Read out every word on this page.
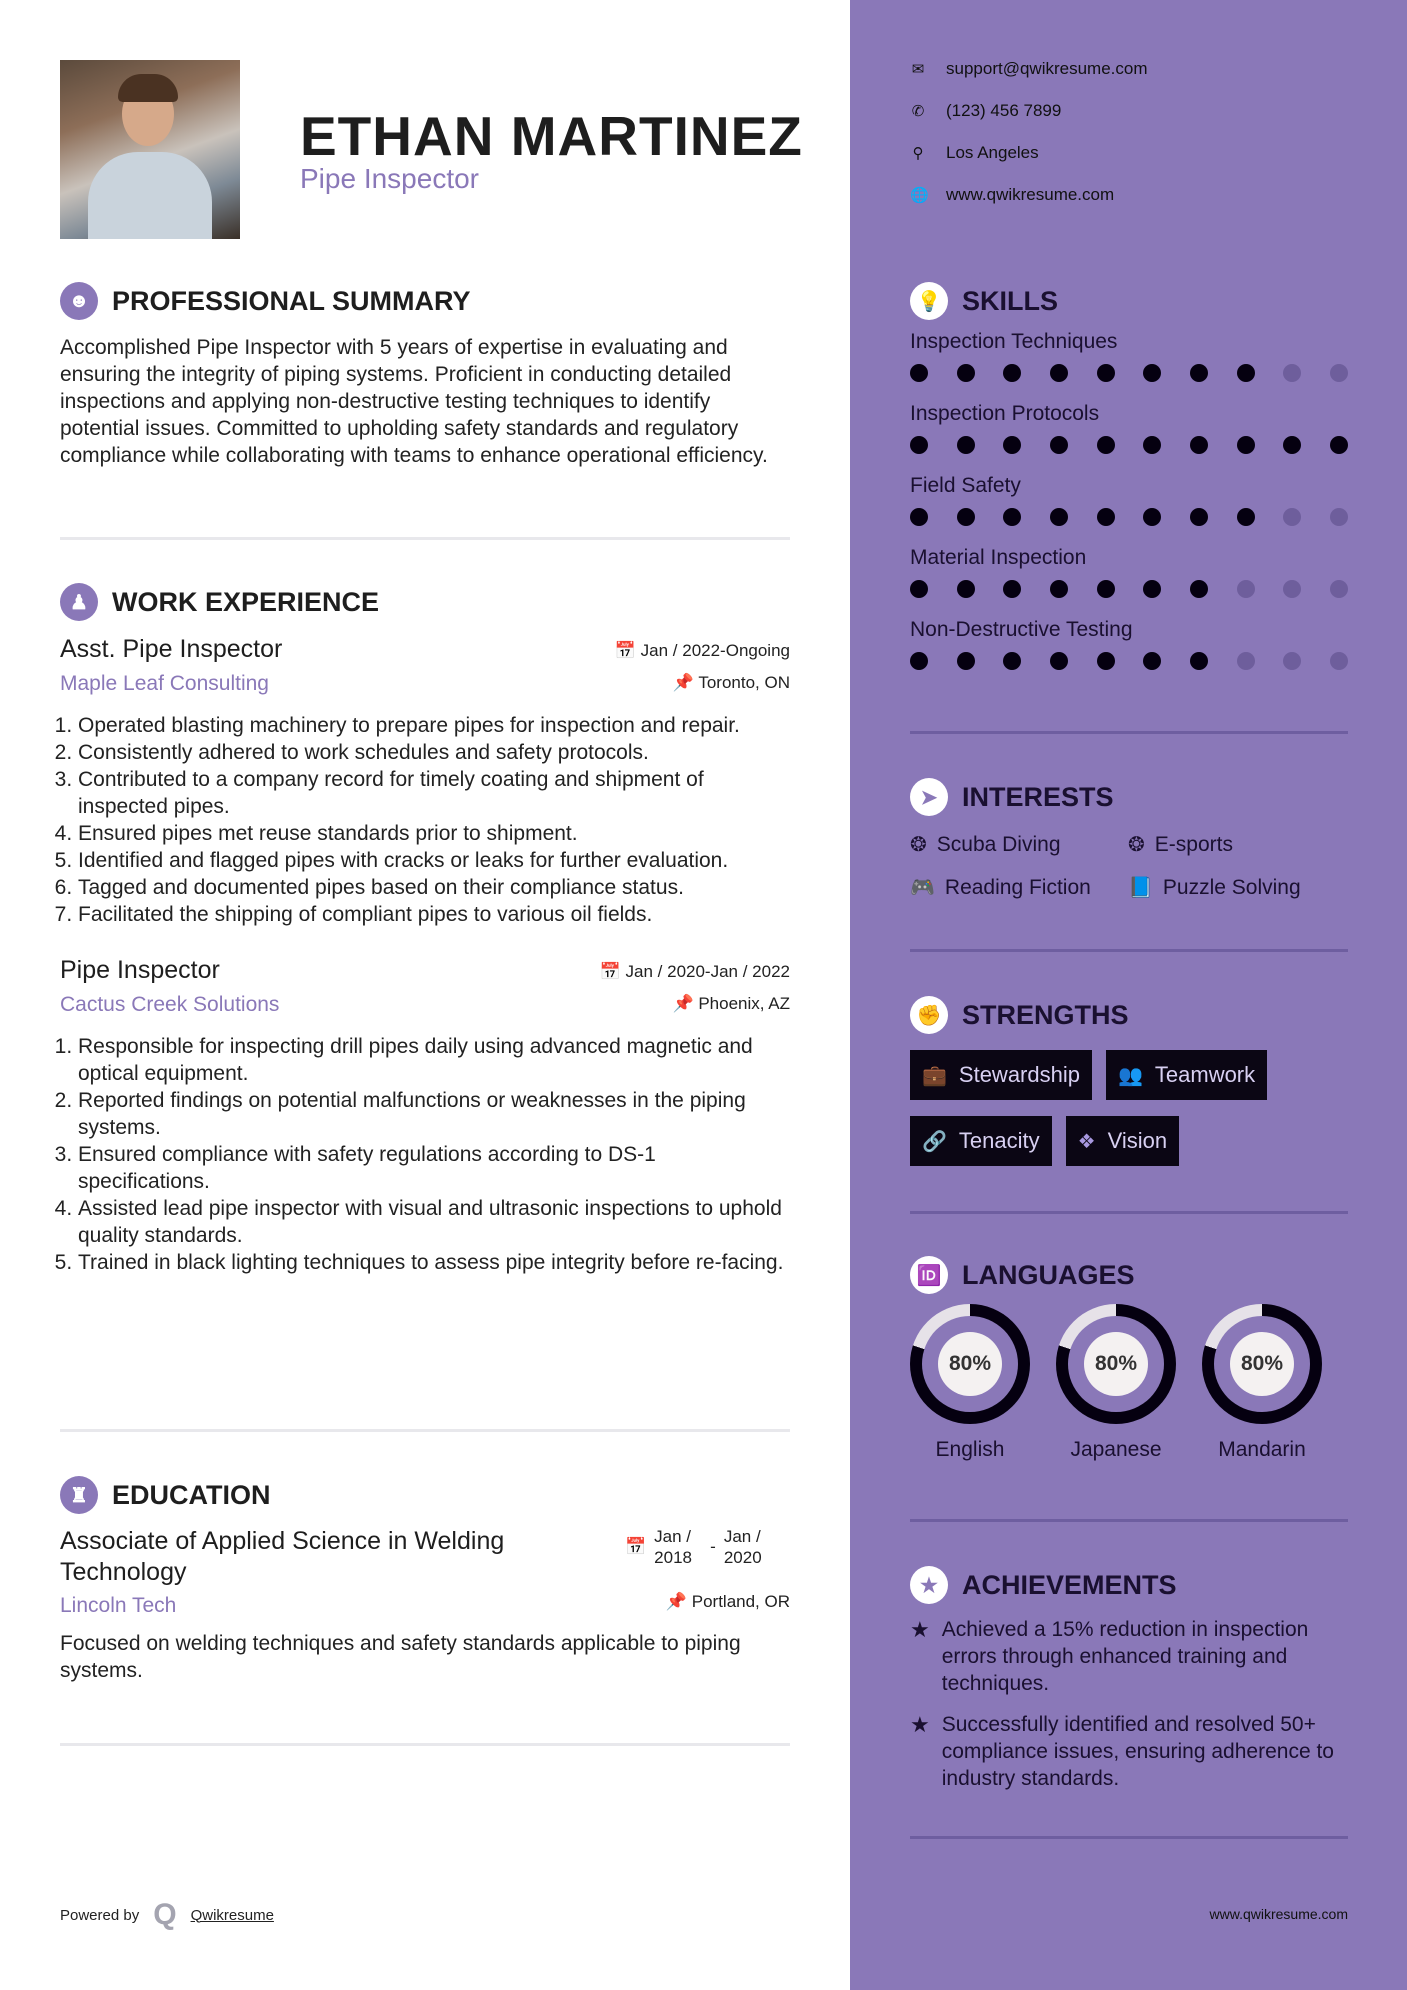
ETHAN MARTINEZ
Pipe Inspector
☻ PROFESSIONAL SUMMARY

Accomplished Pipe Inspector with 5 years of expertise in evaluating and ensuring the integrity of piping systems. Proficient in conducting detailed inspections and applying non-destructive testing techniques to identify potential issues. Committed to upholding safety standards and regulatory compliance while collaborating with teams to enhance operational efficiency.

♟ WORK EXPERIENCE
Asst. Pipe Inspector
Maple Leaf Consulting
📅 Jan / 2022-Ongoing
📌 Toronto, ON
1. Operated blasting machinery to prepare pipes for inspection and repair.
2. Consistently adhered to work schedules and safety protocols.
3. Contributed to a company record for timely coating and shipment of inspected pipes.
4. Ensured pipes met reuse standards prior to shipment.
5. Identified and flagged pipes with cracks or leaks for further evaluation.
6. Tagged and documented pipes based on their compliance status.
7. Facilitated the shipping of compliant pipes to various oil fields.
Pipe Inspector
Cactus Creek Solutions
📅 Jan / 2020-Jan / 2022
📌 Phoenix, AZ
1. Responsible for inspecting drill pipes daily using advanced magnetic and optical equipment.
2. Reported findings on potential malfunctions or weaknesses in the piping systems.
3. Ensured compliance with safety regulations according to DS-1 specifications.
4. Assisted lead pipe inspector with visual and ultrasonic inspections to uphold quality standards.
5. Trained in black lighting techniques to assess pipe integrity before re-facing.
♜ EDUCATION
Associate of Applied Science in Welding Technology
Lincoln Tech
📅
Jan / 2018
-
Jan / 2020
📌 Portland, OR

Focused on welding techniques and safety standards applicable to piping systems.

Powered by Q Qwikresume
✉ support@qwikresume.com
✆ (123) 456 7899
⚲ Los Angeles
🌐 www.qwikresume.com
💡 SKILLS
Inspection Techniques
Inspection Protocols
Field Safety
Material Inspection
Non-Destructive Testing
➤ INTERESTS
❂ Scuba Diving	❂ E-sports
🎮 Reading Fiction 📘 Puzzle Solving
✊ STRENGTHS
💼 Stewardship 👥 Teamwork
🔗 Tenacity ❖ Vision
🆔 LANGUAGES
80%
English
80%
Japanese
80%
Mandarin
★ ACHIEVEMENTS
★ Achieved a 15% reduction in inspection errors through enhanced training and techniques.
★ Successfully identified and resolved 50+ compliance issues, ensuring adherence to industry standards.
www.qwikresume.com
